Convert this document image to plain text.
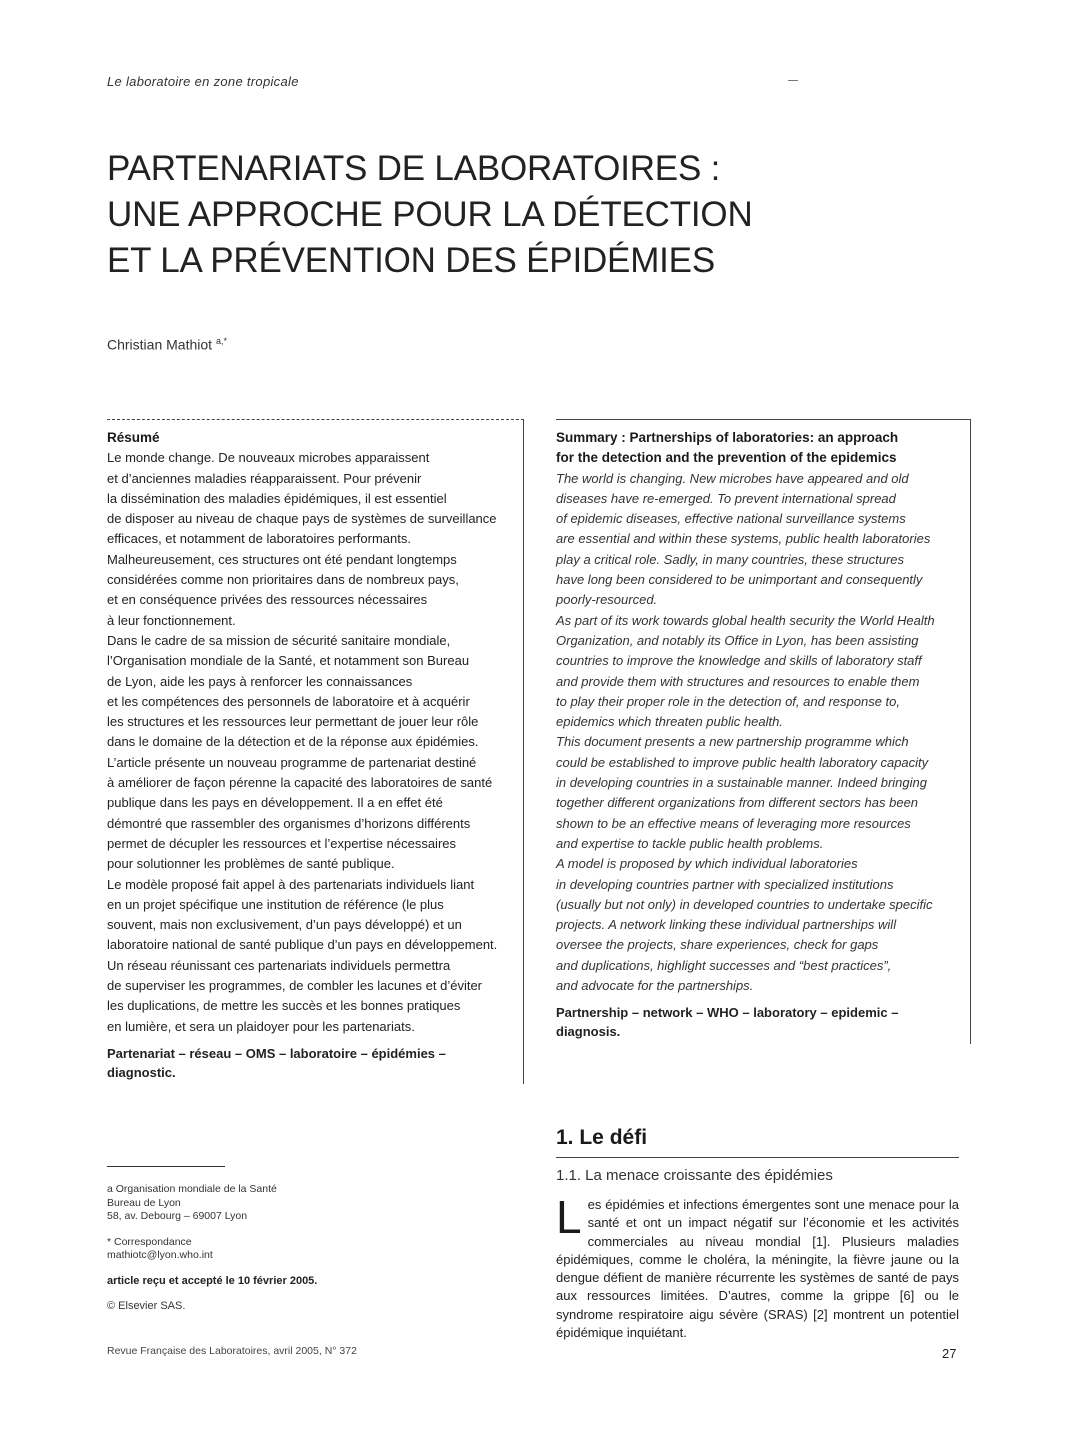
Le laboratoire en zone tropicale
PARTENARIATS DE LABORATOIRES :
UNE APPROCHE POUR LA DÉTECTION
ET LA PRÉVENTION DES ÉPIDÉMIES
Christian Mathiot $^{a,*}$
Résumé

Le monde change. De nouveaux microbes apparaissent
et d’anciennes maladies réapparaissent. Pour prévenir
la dissémination des maladies épidémiques, il est essentiel
de disposer au niveau de chaque pays de systèmes de surveillance
efficaces, et notamment de laboratoires performants.
Malheureusement, ces structures ont été pendant longtemps
considérées comme non prioritaires dans de nombreux pays,
et en conséquence privées des ressources nécessaires
à leur fonctionnement.

Dans le cadre de sa mission de sécurité sanitaire mondiale,
l’Organisation mondiale de la Santé, et notamment son Bureau
de Lyon, aide les pays à renforcer les connaissances
et les compétences des personnels de laboratoire et à acquérir
les structures et les ressources leur permettant de jouer leur rôle
dans le domaine de la détection et de la réponse aux épidémies.

L’article présente un nouveau programme de partenariat destiné
à améliorer de façon pérenne la capacité des laboratoires de santé
publique dans les pays en développement. Il a en effet été
démontré que rassembler des organismes d’horizons différents
permet de décupler les ressources et l’expertise nécessaires
pour solutionner les problèmes de santé publique.

Le modèle proposé fait appel à des partenariats individuels liant
en un projet spécifique une institution de référence (le plus
souvent, mais non exclusivement, d’un pays développé) et un
laboratoire national de santé publique d’un pays en développement.
Un réseau réunissant ces partenariats individuels permettra
de superviser les programmes, de combler les lacunes et d’éviter
les duplications, de mettre les succès et les bonnes pratiques
en lumière, et sera un plaidoyer pour les partenariats.

Partenariat – réseau – OMS – laboratoire – épidémies –
diagnostic.
Summary : Partnerships of laboratories: an approach
for the detection and the prevention of the epidemics

The world is changing. New microbes have appeared and old
diseases have re-emerged. To prevent international spread
of epidemic diseases, effective national surveillance systems
are essential and within these systems, public health laboratories
play a critical role. Sadly, in many countries, these structures
have long been considered to be unimportant and consequently
poorly-resourced.

As part of its work towards global health security the World Health
Organization, and notably its Office in Lyon, has been assisting
countries to improve the knowledge and skills of laboratory staff
and provide them with structures and resources to enable them
to play their proper role in the detection of, and response to,
epidemics which threaten public health.

This document presents a new partnership programme which
could be established to improve public health laboratory capacity
in developing countries in a sustainable manner. Indeed bringing
together different organizations from different sectors has been
shown to be an effective means of leveraging more resources
and expertise to tackle public health problems.

A model is proposed by which individual laboratories
in developing countries partner with specialized institutions
(usually but not only) in developed countries to undertake specific
projects. A network linking these individual partnerships will
oversee the projects, share experiences, check for gaps
and duplications, highlight successes and “best practices”,
and advocate for the partnerships.

Partnership – network – WHO – laboratory – epidemic –
diagnosis.
1. Le défi
1.1. La menace croissante des épidémies
Les épidémies et infections émergentes sont une menace pour la santé et ont un impact négatif sur l’économie et les activités commerciales au niveau mondial [1]. Plusieurs maladies épidémiques, comme le choléra, la méningite, la fièvre jaune ou la dengue défient de manière récurrente les systèmes de santé de pays aux ressources limitées. D’autres, comme la grippe [6] ou le syndrome respiratoire aigu sévère (SRAS) [2] montrent un potentiel épidémique inquiétant.

a Organisation mondiale de la Santé
Bureau de Lyon
58, av. Debourg – 69007 Lyon

* Correspondance
mathiotc@lyon.who.int

article reçu et accepté le 10 février 2005.

© Elsevier SAS.

Revue Française des Laboratoires, avril 2005, N° 372	27
